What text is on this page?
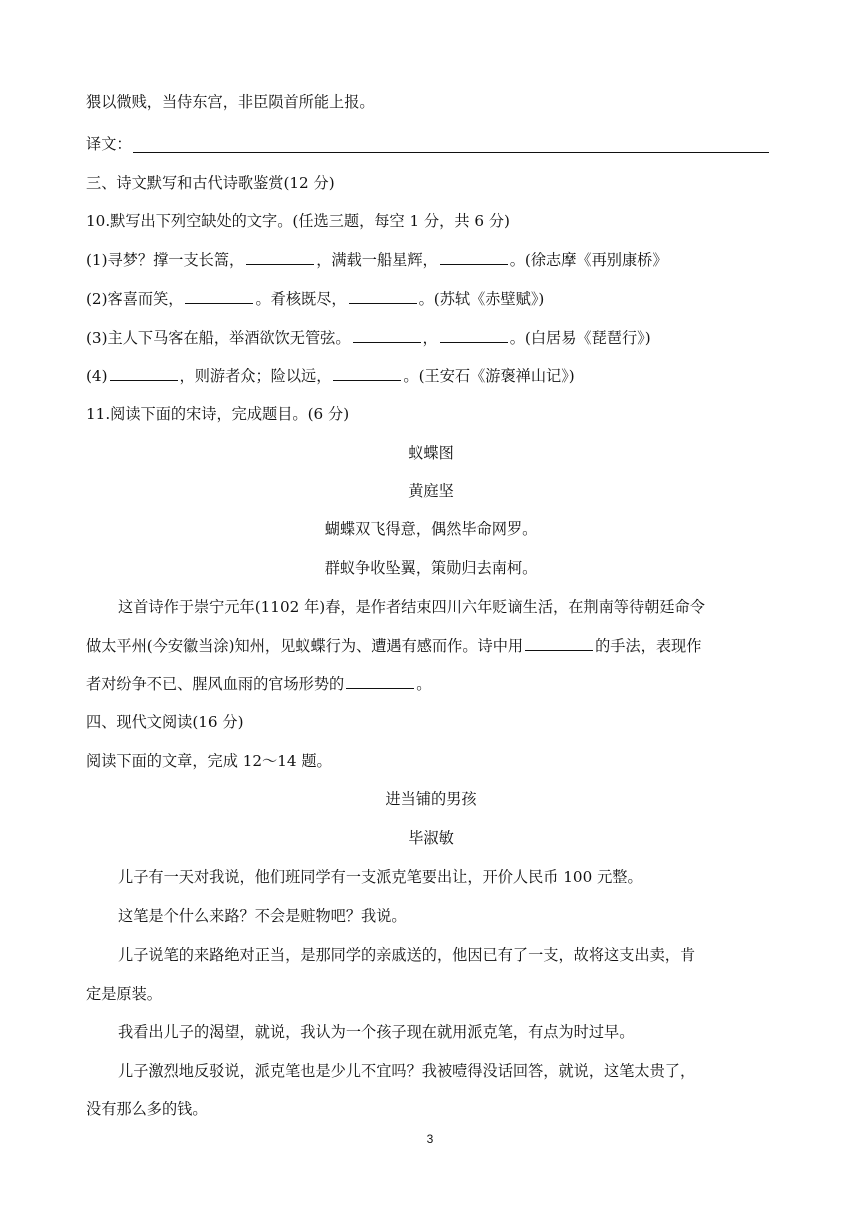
猥以微贱，当侍东宫，非臣陨首所能上报。
译文：
三、诗文默写和古代诗歌鉴赏(12 分)
10.默写出下列空缺处的文字。(任选三题，每空 1 分，共 6 分)
(1)寻梦？撑一支长篙，	，满载一船星辉，	。(徐志摩《再别康桥》
(2)客喜而笑，	。肴核既尽，	。(苏轼《赤壁赋》)
(3)主人下马客在船，举酒欲饮无管弦。	，	。(白居易《琵琶行》)
(4)	，则游者众；险以远，	。(王安石《游褒禅山记》)
11.阅读下面的宋诗，完成题目。(6 分)
蚁蝶图
黄庭坚
蝴蝶双飞得意，偶然毕命网罗。
群蚁争收坠翼，策勋归去南柯。
这首诗作于崇宁元年(1102 年)春，是作者结束四川六年贬谪生活，在荆南等待朝廷命令
做太平州(今安徽当涂)知州，见蚁蝶行为、遭遇有感而作。诗中用	的手法，表现作
者对纷争不已、腥风血雨的官场形势的	。
四、现代文阅读(16 分)
阅读下面的文章，完成 12～14 题。
进当铺的男孩
毕淑敏
儿子有一天对我说，他们班同学有一支派克笔要出让，开价人民币 100 元整。
这笔是个什么来路？不会是赃物吧？我说。
儿子说笔的来路绝对正当，是那同学的亲戚送的，他因已有了一支，故将这支出卖，肯
定是原装。
我看出儿子的渴望，就说，我认为一个孩子现在就用派克笔，有点为时过早。
儿子激烈地反驳说，派克笔也是少儿不宜吗？我被噎得没话回答，就说，这笔太贵了，
没有那么多的钱。
3
